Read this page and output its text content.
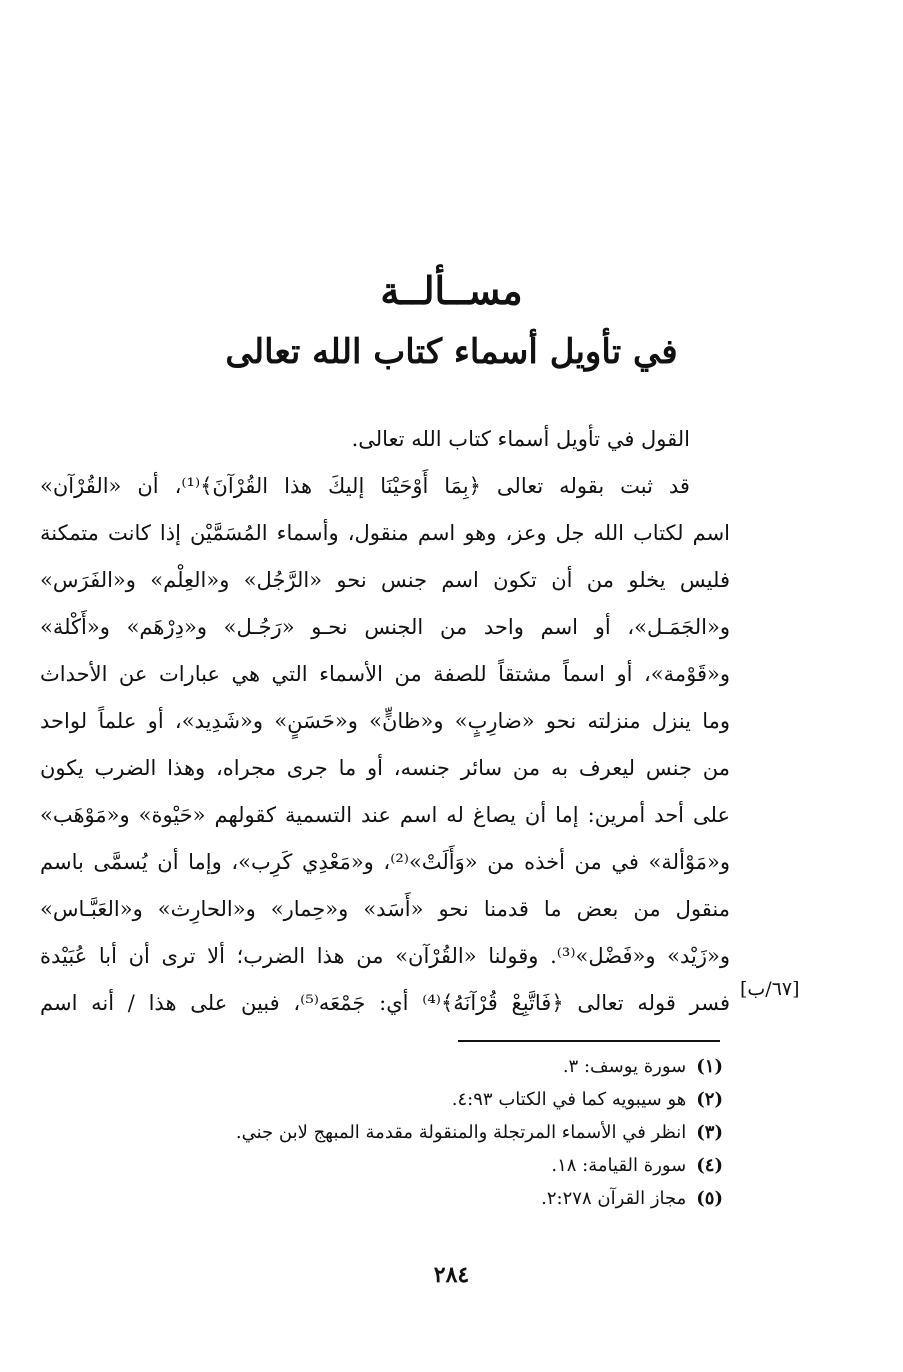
مســألــة
في تأويل أسماء كتاب الله تعالى
القول في تأويل أسماء كتاب الله تعالى.
قد ثبت بقوله تعالى ﴿بِمَا أَوْحَيْنَا إليكَ هذا القُرْآنَ﴾⁽¹⁾، أن «القُرْآن»
اسم لكتاب الله جل وعز، وهو اسم منقول، وأسماء المُسَمَّيْن إذا كانت متمكنة
فليس يخلو من أن تكون اسم جنس نحو «الرَّجُل» و«العِلْم» و«الفَرَس»
و«الجَمَـل»، أو اسم واحد من الجنس نحـو «رَجُـل» و«دِرْهَم» و«أَكْلة»
و«قَوْمة»، أو اسماً مشتقاً للصفة من الأسماء التي هي عبارات عن الأحداث
وما ينزل منزلته نحو «ضارِبٍ» و«ظانٍّ» و«حَسَنٍ» و«شَدِيد»، أو علماً لواحد
من جنس ليعرف به من سائر جنسه، أو ما جرى مجراه، وهذا الضرب يكون
على أحد أمرين: إما أن يصاغ له اسم عند التسمية كقولهم «حَيْوة» و«مَوْهَب»
و«مَوْألة» في من أخذه من «وَأَلَتْ»⁽²⁾، و«مَعْدِي كَرِب»، وإما أن يُسمَّى باسم
منقول من بعض ما قدمنا نحو «أَسَد» و«حِمار» و«الحارِث» و«العَبَّـاس»
و«زَيْد» و«فَضْل»⁽³⁾. وقولنا «القُرْآن» من هذا الضرب؛ ألا ترى أن أبا عُبَيْدة
فسر قوله تعالى ﴿فَاتَّبِعْ قُرْآنَهُ﴾⁽⁴⁾ أي: جَمْعَه⁽⁵⁾، فبين على هذا / أنه اسم
[٦٧/ب]
(١)سورة يوسف: ٣.
(٢)هو سيبويه كما في الكتاب ٤:٩٣.
(٣)انظر في الأسماء المرتجلة والمنقولة مقدمة المبهج لابن جني.
(٤)سورة القيامة: ١٨.
(٥)مجاز القرآن ٢:٢٧٨.
٢٨٤
